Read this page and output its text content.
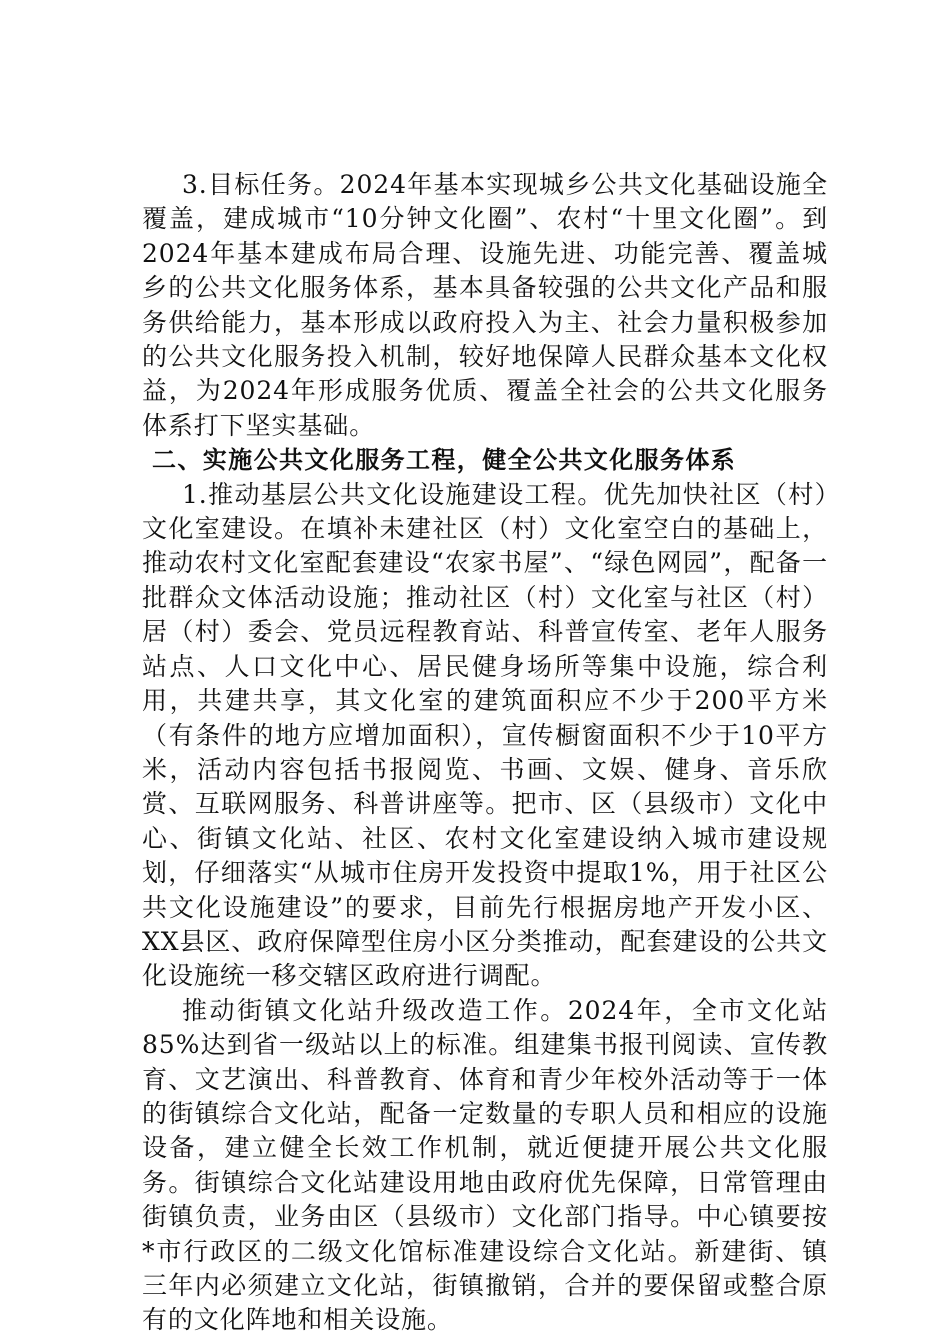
3.目标任务。2024年基本实现城乡公共文化基础设施全覆盖，建成城市“10分钟文化圈”、农村“十里文化圈”。到2024年基本建成布局合理、设施先进、功能完善、覆盖城乡的公共文化服务体系，基本具备较强的公共文化产品和服务供给能力，基本形成以政府投入为主、社会力量积极参加的公共文化服务投入机制，较好地保障人民群众基本文化权益，为2024年形成服务优质、覆盖全社会的公共文化服务体系打下坚实基础。

二、实施公共文化服务工程，健全公共文化服务体系

1.推动基层公共文化设施建设工程。优先加快社区（村）文化室建设。在填补未建社区（村）文化室空白的基础上，推动农村文化室配套建设“农家书屋”、“绿色网园”，配备一批群众文体活动设施；推动社区（村）文化室与社区（村）居（村）委会、党员远程教育站、科普宣传室、老年人服务站点、人口文化中心、居民健身场所等集中设施，综合利用，共建共享，其文化室的建筑面积应不少于200平方米（有条件的地方应增加面积），宣传橱窗面积不少于10平方米，活动内容包括书报阅览、书画、文娱、健身、音乐欣赏、互联网服务、科普讲座等。把市、区（县级市）文化中心、街镇文化站、社区、农村文化室建设纳入城市建设规划，仔细落实“从城市住房开发投资中提取1%，用于社区公共文化设施建设”的要求，目前先行根据房地产开发小区、XX县区、政府保障型住房小区分类推动，配套建设的公共文化设施统一移交辖区政府进行调配。

推动街镇文化站升级改造工作。2024年，全市文化站85%达到省一级站以上的标准。组建集书报刊阅读、宣传教育、文艺演出、科普教育、体育和青少年校外活动等于一体的街镇综合文化站，配备一定数量的专职人员和相应的设施设备，建立健全长效工作机制，就近便捷开展公共文化服务。街镇综合文化站建设用地由政府优先保障，日常管理由街镇负责，业务由区（县级市）文化部门指导。中心镇要按*市行政区的二级文化馆标准建设综合文化站。新建街、镇三年内必须建立文化站，街镇撤销，合并的要保留或整合原有的文化阵地和相关设施。
